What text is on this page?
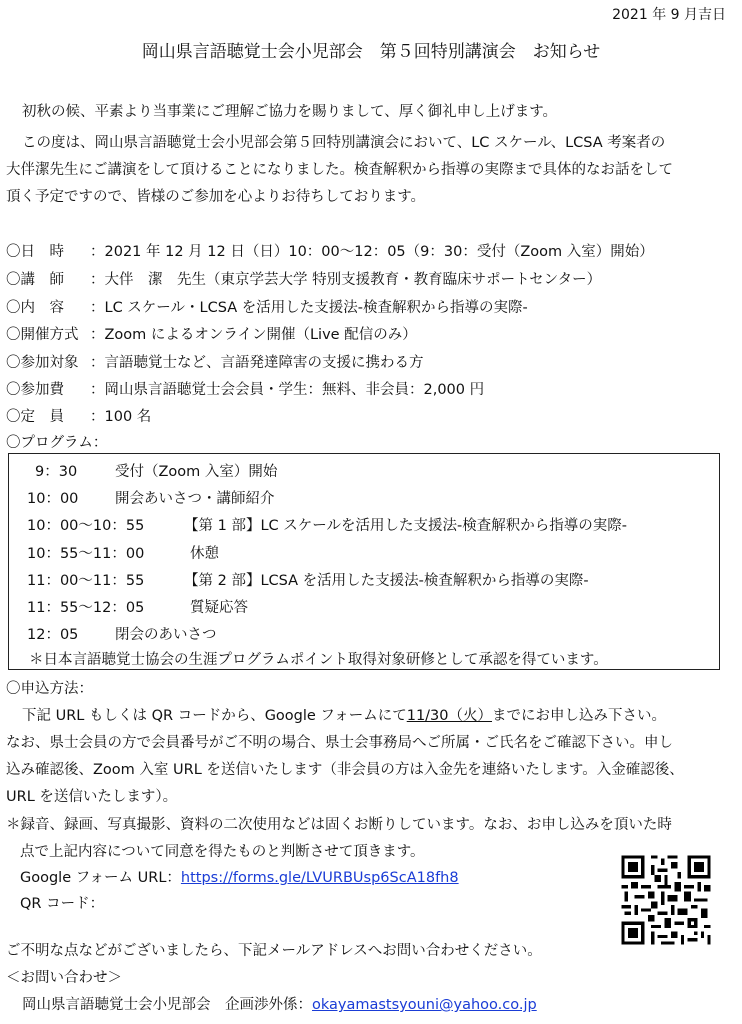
2021 年 9 月吉日
岡山県言語聴覚士会小児部会　第５回特別講演会　お知らせ
初秋の候、平素より当事業にご理解ご協力を賜りまして、厚く御礼申し上げます。
この度は、岡山県言語聴覚士会小児部会第５回特別講演会において、LC スケール、LCSA 考案者の
大伴潔先生にご講演をして頂けることになりました。検査解釈から指導の実際まで具体的なお話をして
頂く予定ですので、皆様のご参加を心よりお待ちしております。
〇日　時 ：2021 年 12 月 12 日（日）10：00〜12：05（9：30：受付（Zoom 入室）開始）
〇講　師 ：大伴　潔　先生（東京学芸大学 特別支援教育・教育臨床サポートセンター）
〇内　容 ：LC スケール・LCSA を活用した支援法-検査解釈から指導の実際-
〇開催方式 ：Zoom によるオンライン開催（Live 配信のみ）
〇参加対象 ：言語聴覚士など、言語発達障害の支援に携わる方
〇参加費 ：岡山県言語聴覚士会会員・学生：無料、非会員：2,000 円
〇定　員 ：100 名
〇プログラム：
9：30	受付（Zoom 入室）開始
10：00	開会あいさつ・講師紹介
10：00〜10：55	【第 1 部】LC スケールを活用した支援法-検査解釈から指導の実際-
10：55〜11：00	休憩
11：00〜11：55	【第 2 部】LCSA を活用した支援法-検査解釈から指導の実際-
11：55〜12：05	質疑応答
12：05	閉会のあいさつ
＊日本言語聴覚士協会の生涯プログラムポイント取得対象研修として承認を得ています。
〇申込方法：
下記 URL もしくは QR コードから、Google フォームにて11/30（火）までにお申し込み下さい。
なお、県士会員の方で会員番号がご不明の場合、県士会事務局へご所属・ご氏名をご確認下さい。申し
込み確認後、Zoom 入室 URL を送信いたします（非会員の方は入金先を連絡いたします。入金確認後、
URL を送信いたします）。
＊録音、録画、写真撮影、資料の二次使用などは固くお断りしています。なお、お申し込みを頂いた時
点で上記内容について同意を得たものと判断させて頂きます。
Google フォーム URL：https://forms.gle/LVURBUsp6ScA18fh8
QR コード：
ご不明な点などがございましたら、下記メールアドレスへお問い合わせください。
＜お問い合わせ＞
岡山県言語聴覚士会小児部会　企画渉外係：okayamastsyouni@yahoo.co.jp
